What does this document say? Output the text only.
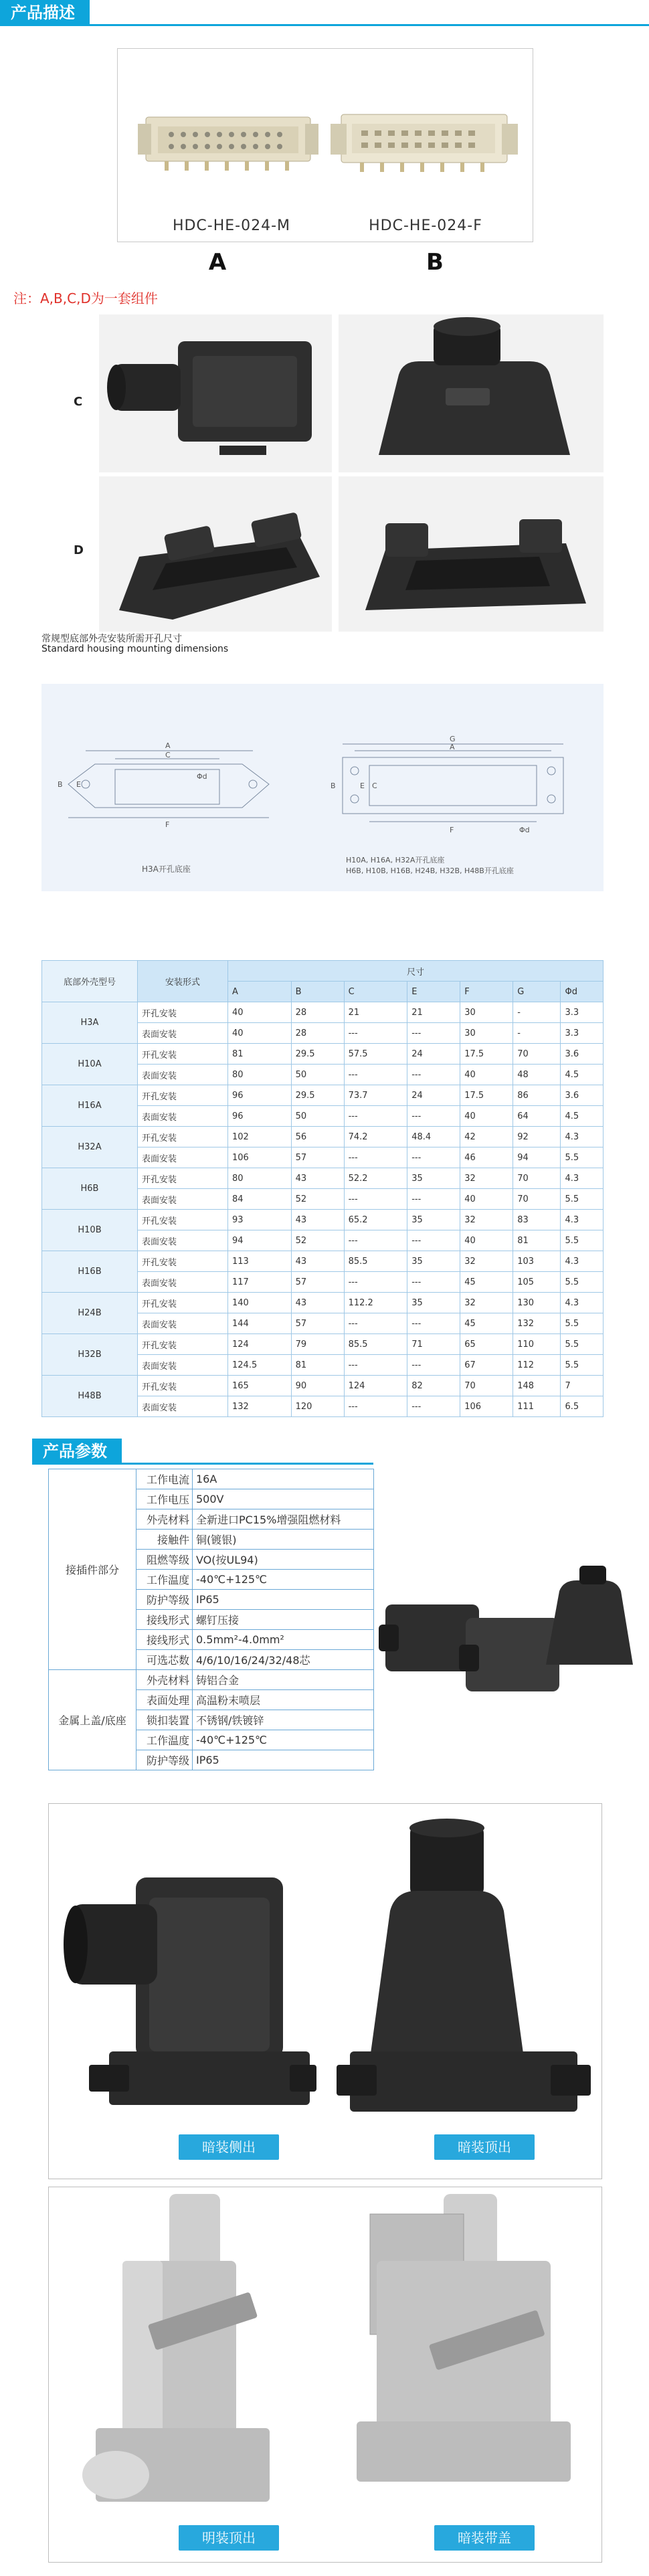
产品描述
HDC-HE-024-M	HDC-HE-024-F
A	B
注：A,B,C,D为一套组件
C
D
常规型底部外壳安装所需开孔尺寸
Standard housing mounting dimensions
A
C
Φd
B E
F
G
A
B	C
E
F	Φd
H3A开孔底座
H10A, H16A, H32A开孔底座
H6B, H10B, H16B, H24B, H32B, H48B开孔底座
底部外壳型号	安装形式	尺寸						
		A	B	C	E	F	G	Φd
H3A	开孔安装	40	28	21	21	30	-	3.3
	表面安装	40	28	---	---	30	-	3.3
H10A	开孔安装	81	29.5	57.5	24	17.5	70	3.6
	表面安装	80	50	---	---	40	48	4.5
H16A	开孔安装	96	29.5	73.7	24	17.5	86	3.6
	表面安装	96	50	---	---	40	64	4.5
H32A	开孔安装	102	56	74.2	48.4	42	92	4.3
	表面安装	106	57	---	---	46	94	5.5
H6B	开孔安装	80	43	52.2	35	32	70	4.3
	表面安装	84	52	---	---	40	70	5.5
H10B	开孔安装	93	43	65.2	35	32	83	4.3
	表面安装	94	52	---	---	40	81	5.5
H16B	开孔安装	113	43	85.5	35	32	103	4.3
	表面安装	117	57	---	---	45	105	5.5
H24B	开孔安装	140	43	112.2	35	32	130	4.3
	表面安装	144	57	---	---	45	132	5.5
H32B	开孔安装	124	79	85.5	71	65	110	5.5
	表面安装	124.5	81	---	---	67	112	5.5
H48B	开孔安装	165	90	124	82	70	148	7
	表面安装	132	120	---	---	106	111	6.5
产品参数
接插件部分	工作电流	16A
	工作电压	500V
	外壳材料	全新进口PC15%增强阻燃材料
	接触件	铜(镀银)
	阻燃等级	VO(按UL94)
	工作温度	-40℃+125℃
	防护等级	IP65
	接线形式	螺钉压接
	接线形式	0.5mm²-4.0mm²
	可选芯数	4/6/10/16/24/32/48芯
金属上盖/底座	外壳材料	铸铝合金
	表面处理	高温粉末喷层
	锁扣装置	不锈钢/铁镀锌
	工作温度	-40℃+125℃
	防护等级	IP65
暗装侧出	暗装顶出
明装顶出	暗装带盖
